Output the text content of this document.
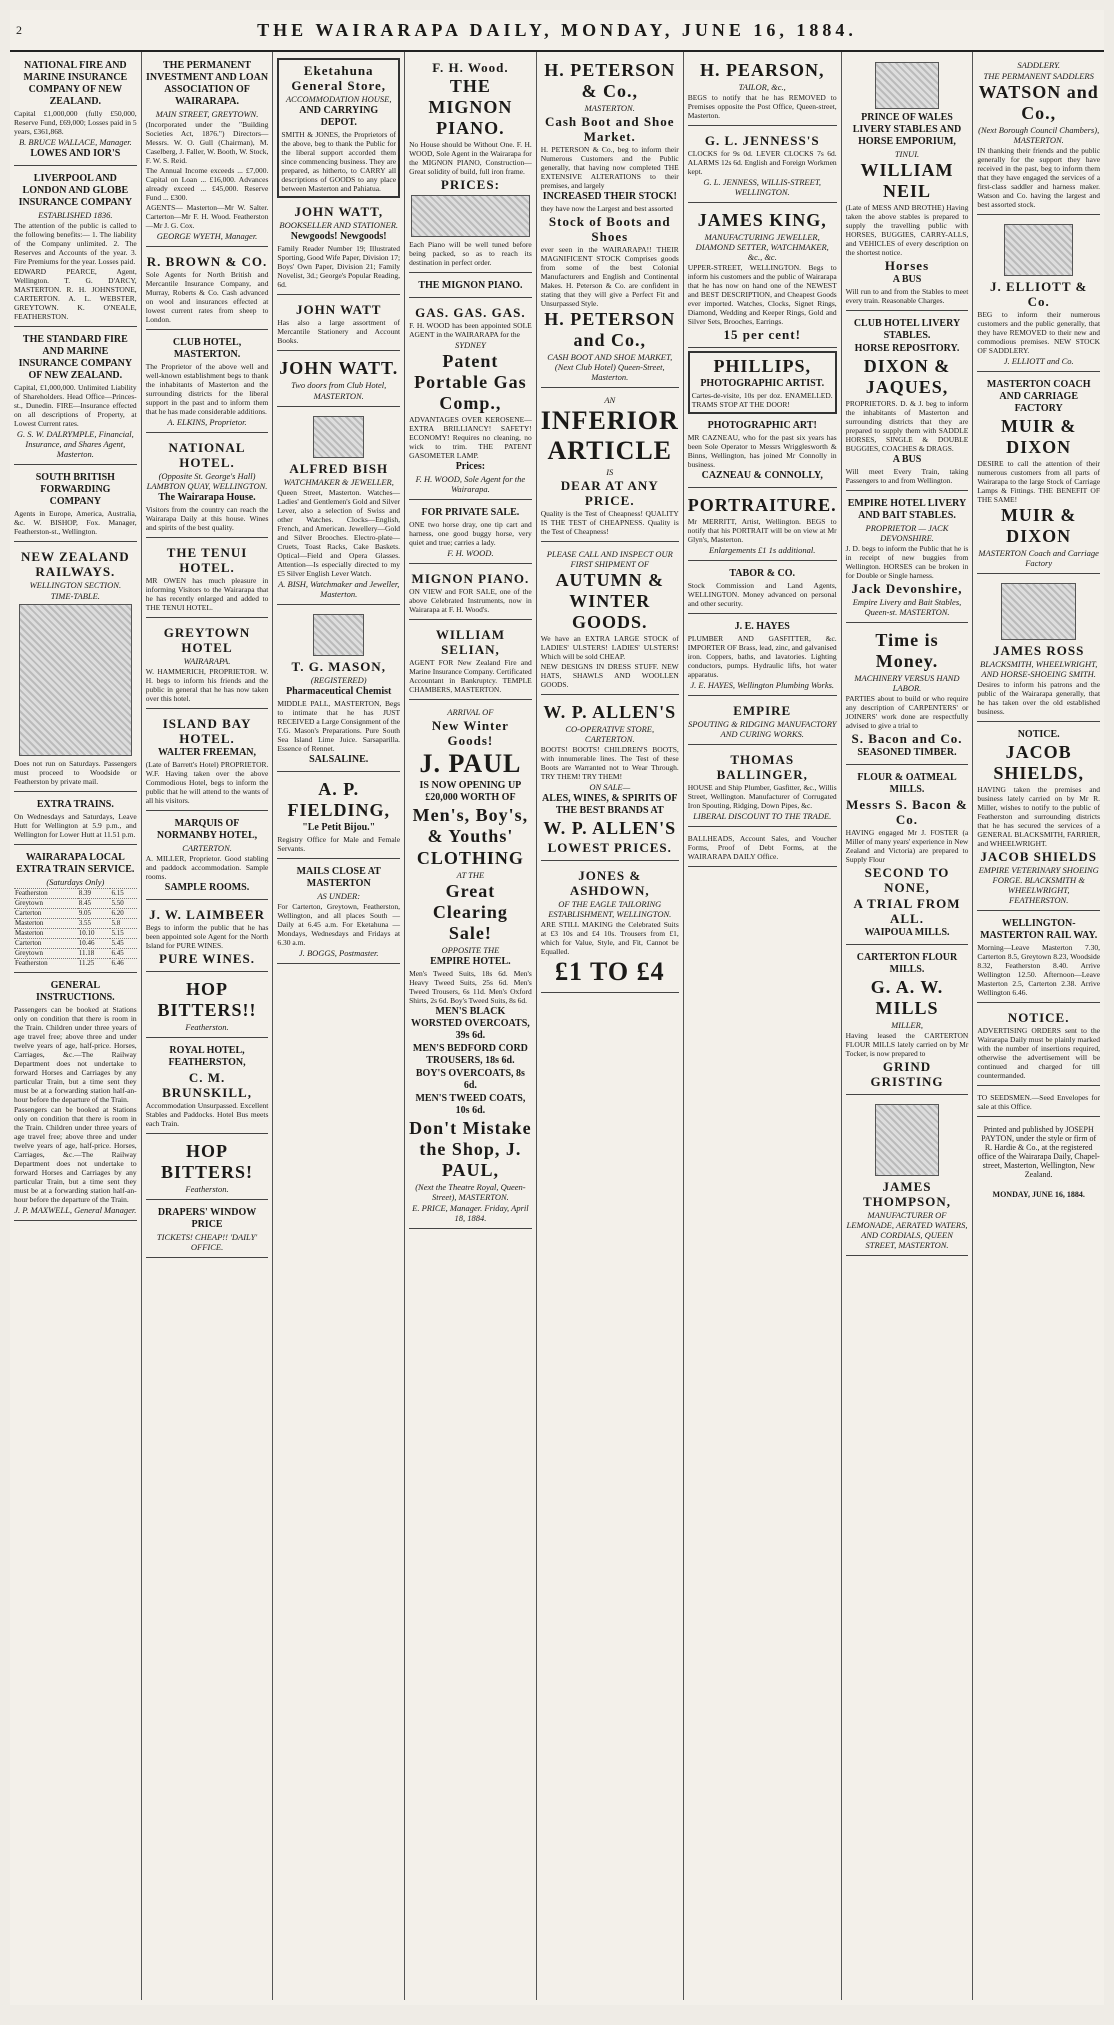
2	THE WAIRARAPA DAILY, MONDAY, JUNE 16, 1884.
NATIONAL FIRE AND MARINE INSURANCE COMPANY OF NEW ZEALAND.

Capital £1,000,000 (fully £50,000, Reserve Fund, £69,000; Losses paid in 5 years, £361,868.

B. BRUCE WALLACE, Manager.
LOWES AND IOR'S
LIVERPOOL AND LONDON AND GLOBE INSURANCE COMPANY
ESTABLISHED 1836.

The attention of the public is called to the following benefits:— 1. The liability of the Company unlimited. 2. The Reserves and Accounts of the year. 3. Fire Premiums for the year. Losses paid.

EDWARD PEARCE, Agent, Wellington. T. G. D'ARCY, MASTERTON. R. H. JOHNSTONE, CARTERTON. A. L. WEBSTER, GREYTOWN. K. O'NEALE, FEATHERSTON.

THE STANDARD FIRE AND MARINE INSURANCE COMPANY OF NEW ZEALAND.

Capital, £1,000,000. Unlimited Liability of Shareholders. Head Office—Princes-st., Dunedin. FIRE—Insurance effected on all descriptions of Property, at Lowest Current rates.

G. S. W. DALRYMPLE, Financial, Insurance, and Shares Agent, Masterton.
SOUTH BRITISH FORWARDING COMPANY

Agents in Europe, America, Australia, &c. W. BISHOP, Fox. Manager, Featherston-st., Wellington.

NEW ZEALAND RAILWAYS.
WELLINGTON SECTION.
TIME-TABLE.

Does not run on Saturdays. Passengers must proceed to Woodside or Featherston by private mail.

EXTRA TRAINS.

On Wednesdays and Saturdays, Leave Hutt for Wellington at 5.9 p.m., and Wellington for Lower Hutt at 11.51 p.m.

WAIRARAPA LOCAL EXTRA TRAIN SERVICE.
(Saturdays Only)
Featherston	8.39	6.15
Greytown	8.45	5.50
Carterton	9.05	6.20
Masterton	3.55	5.8
Masterton	10.10	5.15
Carterton	10.46	5.45
Greytown	11.18	6.45
Featherston	11.25	6.46
GENERAL INSTRUCTIONS.

Passengers can be booked at Stations only on condition that there is room in the Train. Children under three years of age travel free; above three and under twelve years of age, half-price. Horses, Carriages, &c.—The Railway Department does not undertake to forward Horses and Carriages by any particular Train, but a time sent they must be at a forwarding station half-an-hour before the departure of the Train.

Passengers can be booked at Stations only on condition that there is room in the Train. Children under three years of age travel free; above three and under twelve years of age, half-price. Horses, Carriages, &c.—The Railway Department does not undertake to forward Horses and Carriages by any particular Train, but a time sent they must be at a forwarding station half-an-hour before the departure of the Train.

J. P. MAXWELL, General Manager.
THE PERMANENT INVESTMENT AND LOAN ASSOCIATION OF WAIRARAPA.
MAIN STREET, GREYTOWN.

(Incorporated under the "Building Societies Act, 1876.") Directors—Messrs. W. O. Gull (Chairman), M. Caselberg, J. Faller, W. Booth, W. Stock, F. W. S. Reid.

The Annual Income exceeds ... £7,000. Capital on Loan ... £16,000. Advances already exceed ... £45,000. Reserve Fund ... £300.

AGENTS— Masterton—Mr W. Salter. Carterton—Mr F. H. Wood. Featherston—Mr J. G. Cox.

GEORGE WYETH, Manager.
R. BROWN & CO.

Sole Agents for North British and Mercantile Insurance Company, and Murray, Roberts & Co. Cash advanced on wool and insurances effected at lowest current rates from sheep to London.

CLUB HOTEL, MASTERTON.

The Proprietor of the above well and well-known establishment begs to thank the inhabitants of Masterton and the surrounding districts for the liberal support in the past and to inform them that he has made considerable additions.

A. ELKINS, Proprietor.
NATIONAL HOTEL.
(Opposite St. George's Hall) LAMBTON QUAY, WELLINGTON.
The Wairarapa House.

Visitors from the country can reach the Wairarapa Daily at this house. Wines and spirits of the best quality.

THE TENUI HOTEL.

MR OWEN has much pleasure in informing Visitors to the Wairarapa that he has recently enlarged and added to THE TENUI HOTEL.

GREYTOWN HOTEL
WAIRARAPA.

W. HAMMERICH, PROPRIETOR. W. H. begs to inform his friends and the public in general that he has now taken over this hotel.

ISLAND BAY HOTEL.
WALTER FREEMAN,

(Late of Barrett's Hotel) PROPRIETOR. W.F. Having taken over the above Commodious Hotel, begs to inform the public that he will attend to the wants of all his visitors.

MARQUIS OF NORMANBY HOTEL,
CARTERTON.

A. MILLER, Proprietor. Good stabling and paddock accommodation. Sample rooms.

SAMPLE ROOMS.
J. W. LAIMBEER

Begs to inform the public that he has been appointed sole Agent for the North Island for PURE WINES.

PURE WINES.
HOP BITTERS!!
Featherston.
ROYAL HOTEL, FEATHERSTON,
C. M. BRUNSKILL,

Accommodation Unsurpassed. Excellent Stables and Paddocks. Hotel Bus meets each Train.

HOP BITTERS!
Featherston.
DRAPERS' WINDOW PRICE
TICKETS! CHEAP!! 'DAILY' OFFICE.
Eketahuna General Store,
ACCOMMODATION HOUSE,
AND CARRYING DEPOT.

SMITH & JONES, the Proprietors of the above, beg to thank the Public for the liberal support accorded them since commencing business. They are prepared, as hitherto, to CARRY all descriptions of GOODS to any place between Masterton and Pahiatua.

JOHN WATT,
BOOKSELLER AND STATIONER.
Newgoods! Newgoods!

Family Reader Number 19; Illustrated Sporting, Good Wife Paper, Division 17; Boys' Own Paper, Division 21; Family Novelist, 3d.; George's Popular Reading, 6d.

JOHN WATT

Has also a large assortment of Mercantile Stationery and Account Books.

JOHN WATT.
Two doors from Club Hotel,
MASTERTON.
ALFRED BISH
WATCHMAKER & JEWELLER,

Queen Street, Masterton. Watches—Ladies' and Gentlemen's Gold and Silver Lever, also a selection of Swiss and other Watches. Clocks—English, French, and American. Jewellery—Gold and Silver Brooches. Electro-plate—Cruets, Toast Racks, Cake Baskets. Optical—Field and Opera Glasses. Attention—Is especially directed to my £5 Silver English Lever Watch.

A. BISH, Watchmaker and Jeweller, Masterton.
T. G. MASON,
(REGISTERED)
Pharmaceutical Chemist

MIDDLE PALL, MASTERTON, Begs to intimate that he has JUST RECEIVED a Large Consignment of the T.G. Mason's Preparations. Pure South Sea Island Lime Juice. Sarsaparilla. Essence of Rennet.

SALSALINE.
A. P. FIELDING,
"Le Petit Bijou."

Registry Office for Male and Female Servants.

MAILS CLOSE AT MASTERTON
AS UNDER:

For Carterton, Greytown, Featherston, Wellington, and all places South — Daily at 6.45 a.m. For Eketahuna — Mondays, Wednesdays and Fridays at 6.30 a.m.

J. BOGGS, Postmaster.
F. H. Wood.
THE MIGNON PIANO.

No House should be Without One. F. H. WOOD, Sole Agent in the Wairarapa for the MIGNON PIANO, Construction—Great solidity of build, full iron frame.

PRICES:

Each Piano will be well tuned before being packed, so as to reach its destination in perfect order.

THE MIGNON PIANO.
GAS. GAS. GAS.

F. H. WOOD has been appointed SOLE AGENT in the WAIRARAPA for the

SYDNEY
Patent Portable Gas Comp.,

ADVANTAGES OVER KEROSENE—EXTRA BRILLIANCY! SAFETY! ECONOMY! Requires no cleaning, no wick to trim. THE PATENT GASOMETER LAMP.

Prices:
F. H. WOOD, Sole Agent for the Wairarapa.
FOR PRIVATE SALE.

ONE two horse dray, one tip cart and harness, one good buggy horse, very quiet and true; carries a lady.

F. H. WOOD.
MIGNON PIANO.

ON VIEW and FOR SALE, one of the above Celebrated Instruments, now in Wairarapa at F. H. Wood's.

WILLIAM SELIAN,

AGENT FOR New Zealand Fire and Marine Insurance Company. Certificated Accountant in Bankruptcy. TEMPLE CHAMBERS, MASTERTON.

ARRIVAL OF
New Winter Goods!
J. PAUL
IS NOW OPENING UP £20,000 WORTH OF
Men's, Boy's, & Youths'
CLOTHING
AT THE
Great Clearing Sale!
OPPOSITE THE
EMPIRE HOTEL.

Men's Tweed Suits, 18s 6d. Men's Heavy Tweed Suits, 25s 6d. Men's Tweed Trousers, 6s 11d. Men's Oxford Shirts, 2s 6d. Boy's Tweed Suits, 8s 6d.

MEN'S BLACK WORSTED OVERCOATS, 39s 6d.
MEN'S BEDFORD CORD TROUSERS, 18s 6d.
BOY'S OVERCOATS, 8s 6d.
MEN'S TWEED COATS, 10s 6d.
Don't Mistake the Shop, J. PAUL,
(Next the Theatre Royal, Queen-Street), MASTERTON.
E. PRICE, Manager. Friday, April 18, 1884.
H. PETERSON & Co.,
MASTERTON.
Cash Boot and Shoe Market.

H. PETERSON & Co., beg to inform their Numerous Customers and the Public generally, that having now completed THE EXTENSIVE ALTERATIONS to their premises, and largely

INCREASED THEIR STOCK!

they have now the Largest and best assorted

Stock of Boots and Shoes

ever seen in the WAIRARAPA!! THEIR MAGNIFICENT STOCK Comprises goods from some of the best Colonial Manufacturers and English and Continental Makes. H. Peterson & Co. are confident in stating that they will give a Perfect Fit and Unsurpassed Style.

H. PETERSON and Co.,
CASH BOOT AND SHOE MARKET, (Next Club Hotel) Queen-Street, Masterton.
AN
INFERIOR ARTICLE
IS
DEAR AT ANY PRICE.

Quality is the Test of Cheapness! QUALITY IS THE TEST of CHEAPNESS. Quality is the Test of Cheapness!

PLEASE CALL AND INSPECT OUR FIRST SHIPMENT OF
AUTUMN & WINTER GOODS.

We have an EXTRA LARGE STOCK of LADIES' ULSTERS! LADIES' ULSTERS! Which will be sold CHEAP.

NEW DESIGNS IN DRESS STUFF. NEW HATS, SHAWLS AND WOOLLEN GOODS.

W. P. ALLEN'S
CO-OPERATIVE STORE, CARTERTON.

BOOTS! BOOTS! CHILDREN'S BOOTS, with innumerable lines. The Test of these Boots are Warranted not to Wear Through. TRY THEM! TRY THEM!

ON SALE—
ALES, WINES, & SPIRITS OF THE BEST BRANDS AT
W. P. ALLEN'S
LOWEST PRICES.
JONES & ASHDOWN,
OF THE EAGLE TAILORING ESTABLISHMENT, WELLINGTON.

ARE STILL MAKING the Celebrated Suits at £3 10s and £4 10s. Trousers from £1, which for Value, Style, and Fit, Cannot be Equalled.

£1 TO £4
H. PEARSON,
TAILOR, &c.,

BEGS to notify that he has REMOVED to Premises opposite the Post Office, Queen-street, Masterton.

G. L. JENNESS'S

CLOCKS for 9s 0d. LEVER CLOCKS 7s 6d. ALARMS 12s 6d. English and Foreign Workmen kept.

G. L. JENNESS, WILLIS-STREET, WELLINGTON.
JAMES KING,
MANUFACTURING JEWELLER, DIAMOND SETTER, WATCHMAKER, &c., &c.

UPPER-STREET, WELLINGTON. Begs to inform his customers and the public of Wairarapa that he has now on hand one of the NEWEST and BEST DESCRIPTION, and Cheapest Goods ever imported. Watches, Clocks, Signet Rings, Diamond, Wedding and Keeper Rings, Gold and Silver Sets, Brooches, Earrings.

15 per cent!
PHILLIPS,
PHOTOGRAPHIC ARTIST.

Cartes-de-visite, 10s per doz. ENAMELLED. TRAMS STOP AT THE DOOR!

PHOTOGRAPHIC ART!

MR CAZNEAU, who for the past six years has been Sole Operator to Messrs Wrigglesworth & Binns, Wellington, has joined Mr Connolly in business.

CAZNEAU & CONNOLLY,
PORTRAITURE.

Mr MERRITT, Artist, Wellington. BEGS to notify that his PORTRAIT will be on view at Mr Glyn's, Masterton.

Enlargements £1 1s additional.
TABOR & CO.

Stock Commission and Land Agents, WELLINGTON. Money advanced on personal and other security.

J. E. HAYES

PLUMBER AND GASFITTER, &c. IMPORTER OF Brass, lead, zinc, and galvanised iron. Coppers, baths, and lavatories. Lighting conductors, pumps. Hydraulic lifts, hot water apparatus.

J. E. HAYES, Wellington Plumbing Works.
EMPIRE
SPOUTING & RIDGING MANUFACTORY AND CURING WORKS.
THOMAS BALLINGER,

HOUSE and Ship Plumber, Gasfitter, &c., Willis Street, Wellington. Manufacturer of Corrugated Iron Spouting, Ridging, Down Pipes, &c.

LIBERAL DISCOUNT TO THE TRADE.

BALLHEADS, Account Sales, and Voucher Forms, Proof of Debt Forms, at the WAIRARAPA DAILY Office.

PRINCE OF WALES LIVERY STABLES AND HORSE EMPORIUM,
TINUI.
WILLIAM NEIL

(Late of MESS AND BROTHE) Having taken the above stables is prepared to supply the travelling public with HORSES, BUGGIES, CARRY-ALLS, and VEHICLES of every description on the shortest notice.

Horses
A BUS

Will run to and from the Stables to meet every train. Reasonable Charges.

CLUB HOTEL LIVERY STABLES.
HORSE REPOSITORY.
DIXON & JAQUES,

PROPRIETORS. D. & J. beg to inform the inhabitants of Masterton and surrounding districts that they are prepared to supply them with SADDLE HORSES, SINGLE & DOUBLE BUGGIES, COACHES & DRAGS.

A BUS

Will meet Every Train, taking Passengers to and from Wellington.

EMPIRE HOTEL LIVERY AND BAIT STABLES.
PROPRIETOR — JACK DEVONSHIRE.

J. D. begs to inform the Public that he is in receipt of new buggies from Wellington. HORSES can be broken in for Double or Single harness.

Jack Devonshire,
Empire Livery and Bait Stables, Queen-st. MASTERTON.
Time is Money.
MACHINERY VERSUS HAND LABOR.

PARTIES about to build or who require any description of CARPENTERS' or JOINERS' work done are respectfully advised to give a trial to

S. Bacon and Co.
SEASONED TIMBER.
FLOUR & OATMEAL MILLS.
Messrs S. Bacon & Co.

HAVING engaged Mr J. FOSTER (a Miller of many years' experience in New Zealand and Victoria) are prepared to Supply Flour

SECOND TO NONE,
A TRIAL FROM ALL.
WAIPOUA MILLS.
CARTERTON FLOUR MILLS.
G. A. W. MILLS
MILLER,

Having leased the CARTERTON FLOUR MILLS lately carried on by Mr Tocker, is now prepared to

GRIND GRISTING
JAMES THOMPSON,
MANUFACTURER OF LEMONADE, AERATED WATERS, AND CORDIALS, QUEEN STREET, MASTERTON.
SADDLERY.
THE PERMANENT SADDLERS
WATSON and Co.,
(Next Borough Council Chambers), MASTERTON.

IN thanking their friends and the public generally for the support they have received in the past, beg to inform them that they have engaged the services of a first-class saddler and harness maker. Watson and Co. having the largest and best assorted stock.

J. ELLIOTT & Co.

BEG to inform their numerous customers and the public generally, that they have REMOVED to their new and commodious premises. NEW STOCK OF SADDLERY.

J. ELLIOTT and Co.
MASTERTON COACH AND CARRIAGE FACTORY
MUIR & DIXON

DESIRE to call the attention of their numerous customers from all parts of Wairarapa to the large Stock of Carriage Lamps & Fittings. THE BENEFIT OF THE SAME!

MUIR & DIXON
MASTERTON Coach and Carriage Factory
JAMES ROSS
BLACKSMITH, WHEELWRIGHT, AND HORSE-SHOEING SMITH.

Desires to inform his patrons and the public of the Wairarapa generally, that he has taken over the old established business.

NOTICE.
JACOB SHIELDS,

HAVING taken the premises and business lately carried on by Mr R. Miller, wishes to notify to the public of Featherston and surrounding districts that he has secured the services of a GENERAL BLACKSMITH, FARRIER, and WHEELWRIGHT.

JACOB SHIELDS
EMPIRE VETERINARY SHOEING FORGE. BLACKSMITH & WHEELWRIGHT, FEATHERSTON.
WELLINGTON-MASTERTON RAIL WAY.

Morning—Leave Masterton 7.30, Carterton 8.5, Greytown 8.23, Woodside 8.32, Featherston 8.40. Arrive Wellington 12.50. Afternoon—Leave Masterton 2.5, Carterton 2.38. Arrive Wellington 6.46.

NOTICE.

ADVERTISING ORDERS sent to the Wairarapa Daily must be plainly marked with the number of insertions required, otherwise the advertisement will be continued and charged for till countermanded.

TO SEEDSMEN.—Seed Envelopes for sale at this Office.

Printed and published by JOSEPH PAYTON, under the style or firm of R. Hardie & Co., at the registered office of the Wairarapa Daily, Chapel-street, Masterton, Wellington, New Zealand.

MONDAY, JUNE 16, 1884.
